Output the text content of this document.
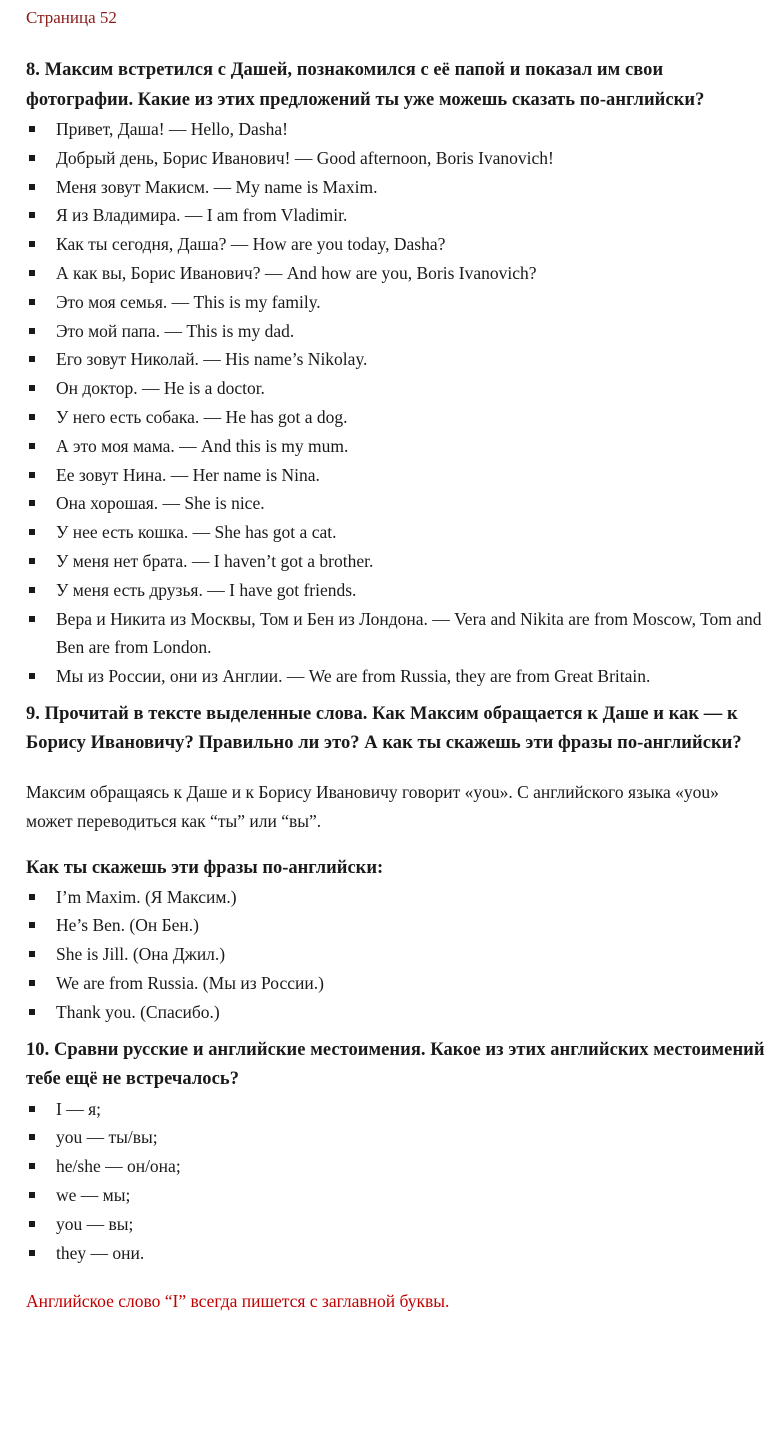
Страница 52

8. Максим встретился с Дашей, познакомился с её папой и показал им свои фотографии. Какие из этих предложений ты уже можешь сказать по-английски?

Привет, Даша! — Hello, Dasha!
Добрый день, Борис Иванович! — Good afternoon, Boris Ivanovich!
Меня зовут Макисм. — My name is Maxim.
Я из Владимира. — I am from Vladimir.
Как ты сегодня, Даша? — How are you today, Dasha?
А как вы, Борис Иванович? — And how are you, Boris Ivanovich?
Это моя семья. — This is my family.
Это мой папа. — This is my dad.
Его зовут Николай. — His name’s Nikolay.
Он доктор. — He is a doctor.
У него есть собака. — He has got a dog.
А это моя мама. — And this is my mum.
Ее зовут Нина. — Her name is Nina.
Она хорошая. — She is nice.
У нее есть кошка. — She has got a cat.
У меня нет брата. — I haven’t got a brother.
У меня есть друзья. — I have got friends.
Вера и Никита из Москвы, Том и Бен из Лондона. — Vera and Nikita are from Moscow, Tom and Ben are from London.
Мы из России, они из Англии. — We are from Russia, they are from Great Britain.

9. Прочитай в тексте выделенные слова. Как Максим обращается к Даше и как — к Борису Ивановичу? Правильно ли это? А как ты скажешь эти фразы по-английски?

Максим обращаясь к Даше и к Борису Ивановичу говорит «you». С английского языка «you» может переводиться как “ты” или “вы”.

Как ты скажешь эти фразы по-английски:

I’m Maxim. (Я Максим.)
He’s Ben. (Он Бен.)
She is Jill. (Она Джил.)
We are from Russia. (Мы из России.)
Thank you. (Спасибо.)

10. Сравни русские и английские местоимения. Какое из этих английских местоимений тебе ещё не встречалось?

I — я;
you — ты/вы;
he/she — он/она;
we — мы;
you — вы;
they — они.

Английское слово “I” всегда пишется с заглавной буквы.
